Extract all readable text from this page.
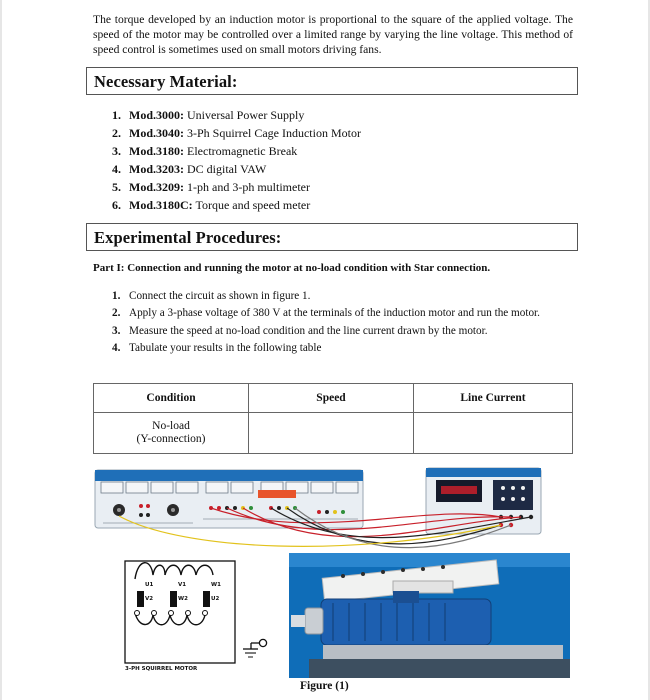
The torque developed by an induction motor is proportional to the square of the applied voltage. The speed of the motor may be controlled over a limited range by varying the line voltage. This method of speed control is sometimes used on small motors driving fans.

Necessary Material:
1. Mod.3000: Universal Power Supply
2. Mod.3040: 3-Ph Squirrel Cage Induction Motor
3. Mod.3180: Electromagnetic Break
4. Mod.3203: DC digital VAW
5. Mod.3209: 1-ph and 3-ph multimeter
6. Mod.3180C: Torque and speed meter
Experimental Procedures:
Part I: Connection and running the motor at no-load condition with Star connection.
1. Connect the circuit as shown in figure 1.
2. Apply a 3-phase voltage of 380 V at the terminals of the induction motor and run the motor.
3. Measure the speed at no-load condition and the line current drawn by the motor.
4. Tabulate your results in the following table
Condition	Speed	Line Current
No-load
(Y-connection)		
U1	V1	W1
V2	W2	U2
3-PH SQUIRREL MOTOR
Figure (1)
